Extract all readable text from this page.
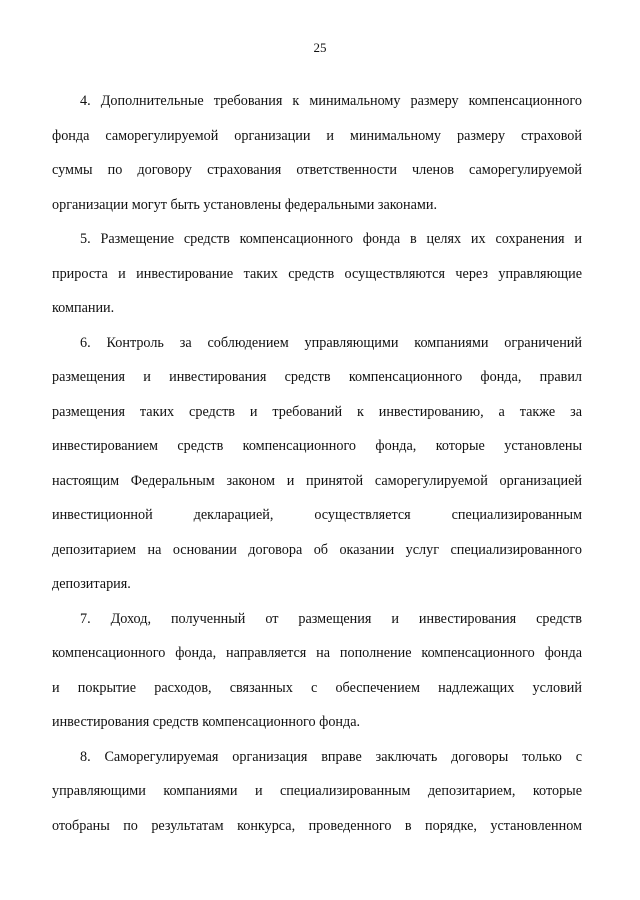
25
4. Дополнительные требования к минимальному размеру компенсационного
фонда саморегулируемой организации и минимальному размеру страховой
суммы по договору страхования ответственности членов саморегулируемой
организации могут быть установлены федеральными законами.
5. Размещение средств компенсационного фонда в целях их сохранения и
прироста и инвестирование таких средств осуществляются через управляющие
компании.
6. Контроль за соблюдением управляющими компаниями ограничений
размещения и инвестирования средств компенсационного фонда, правил
размещения таких средств и требований к инвестированию, а также за
инвестированием средств компенсационного фонда, которые установлены
настоящим Федеральным законом и принятой саморегулируемой организацией
инвестиционной декларацией, осуществляется специализированным
депозитарием на основании договора об оказании услуг специализированного
депозитария.
7. Доход, полученный от размещения и инвестирования средств
компенсационного фонда, направляется на пополнение компенсационного фонда
и покрытие расходов, связанных с обеспечением надлежащих условий
инвестирования средств компенсационного фонда.
8. Саморегулируемая организация вправе заключать договоры только с
управляющими компаниями и специализированным депозитарием, которые
отобраны по результатам конкурса, проведенного в порядке, установленном
